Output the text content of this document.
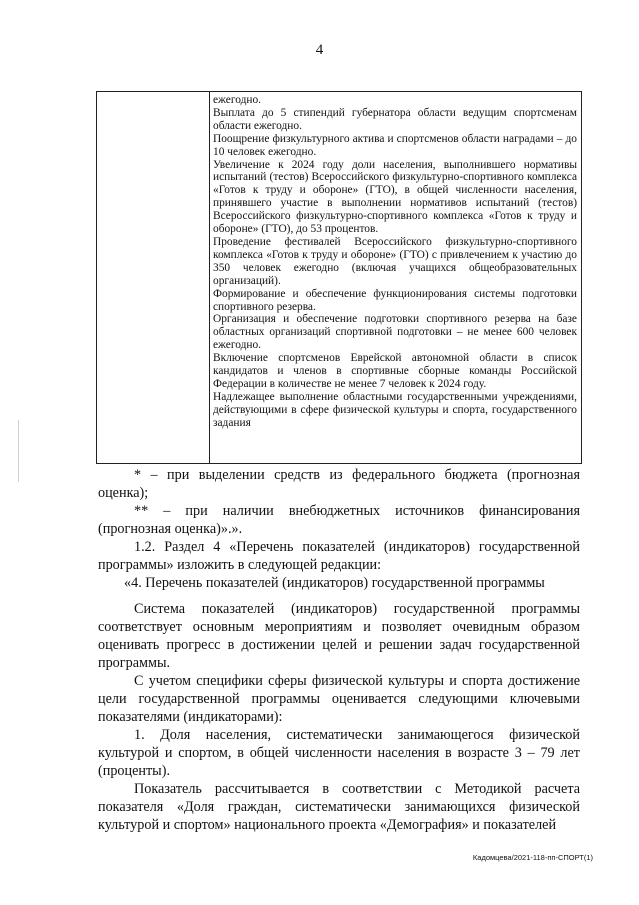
4

ежегодно.

Выплата до 5 стипендий губернатора области ведущим спортсменам области ежегодно.

Поощрение физкультурного актива и спортсменов области наградами – до 10 человек ежегодно.

Увеличение к 2024 году доли населения, выполнившего нормативы испытаний (тестов) Всероссийского физкультурно-спортивного комплекса «Готов к труду и обороне» (ГТО), в общей численности населения, принявшего участие в выполнении нормативов испытаний (тестов) Всероссийского физкультурно-спортивного комплекса «Готов к труду и обороне» (ГТО), до 53 процентов.

Проведение фестивалей Всероссийского физкультурно-спортивного комплекса «Готов к труду и обороне» (ГТО) с привлечением к участию до 350 человек ежегодно (включая учащихся общеобразовательных организаций).

Формирование и обеспечение функционирования системы подготовки спортивного резерва.

Организация и обеспечение подготовки спортивного резерва на базе областных организаций спортивной подготовки – не менее 600 человек ежегодно.

Включение спортсменов Еврейской автономной области в список кандидатов и членов в спортивные сборные команды Российской Федерации в количестве не менее 7 человек к 2024 году.

Надлежащее выполнение областными государственными учреждениями, действующими в сфере физической культуры и спорта, государственного задания

* – при выделении средств из федерального бюджета (прогнозная оценка);

** – при наличии внебюджетных источников финансирования (прогнозная оценка)».».

1.2. Раздел 4 «Перечень показателей (индикаторов) государственной программы» изложить в следующей редакции:

«4. Перечень показателей (индикаторов) государственной программы

Система показателей (индикаторов) государственной программы соответствует основным мероприятиям и позволяет очевидным образом оценивать прогресс в достижении целей и решении задач государственной программы.

С учетом специфики сферы физической культуры и спорта достижение цели государственной программы оценивается следующими ключевыми показателями (индикаторами):

1. Доля населения, систематически занимающегося физической культурой и спортом, в общей численности населения в возрасте 3 – 79 лет (проценты).

Показатель рассчитывается в соответствии с Методикой расчета показателя «Доля граждан, систематически занимающихся физической культурой и спортом» национального проекта «Демография» и показателей

Кадомцева/2021-118-пп-СПОРТ(1)
